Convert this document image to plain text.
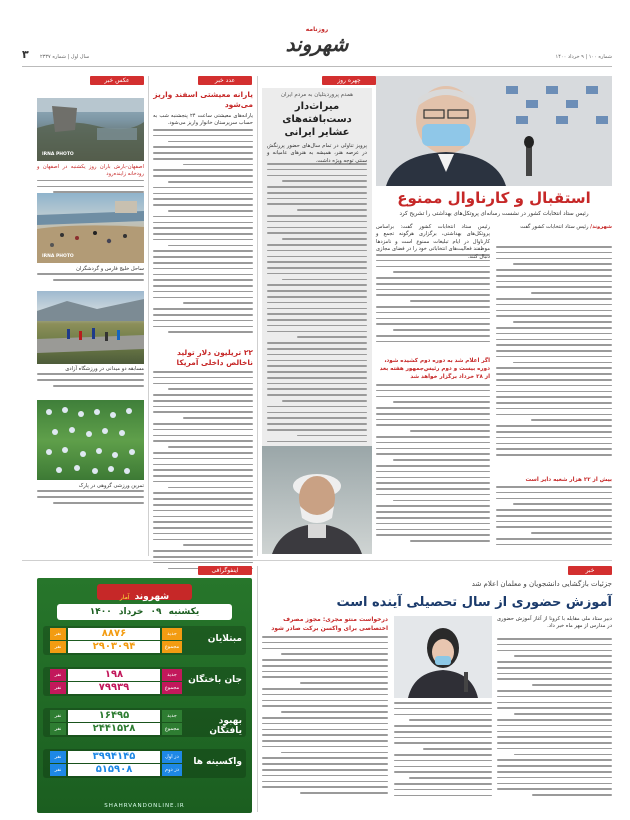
شماره ۱۰۰ | ۹ خرداد ۱۴۰۰
روزنامه
شهروند
سال اول | شماره ۲۳۳۷
۳
عکس خبر
IRNA PHOTO
اصفهان-بارش باران روز یکشنبه در اصفهان و رودخانه زاینده‌رود
IRNA PHOTO
ساحل خلیج فارس و گردشگران
مسابقه دو میدانی در ورزشگاه آزادی
تمرین ورزشی گروهی در پارک
عدد خبر
یارانه معیشتی اسفند واریز می‌شود
یارانه‌های معیشتی ساعت ۲۴ پنجشنبه شب به حساب سرپرستان خانوار واریز می‌شود.
۲۲ تریلیون دلار تولید ناخالص داخلی آمریکا
چهره روز
همدم پروردیتلیان به مردم ایران
میراث‌دار دست‌بافته‌های عشایر ایرانی
پرویز تناولی در تمام سال‌های حضور پررنگش در عرصه هنر، همیشه به هنرهای عامیانه و سنتی توجه ویژه داشت.
استقبال و کارناوال ممنوع
رئیس ستاد انتخابات کشور در نشست رسانه‌ای پروتکل‌های بهداشتی را تشریح کرد
شهروند/ رئیس ستاد انتخابات کشور گفت
بیش از ۲۲ هزار شعبه دایر است
رئیس ستاد انتخابات کشور گفت: براساس پروتکل‌های بهداشتی، برگزاری هرگونه تجمع و کارناوال در ایام تبلیغات ممنوع است و نامزدها موظفند فعالیت‌های انتخاباتی خود را در فضای مجازی دنبال کنند.
اگر اعلام شد به دوره دوم کشیده شود، دوره بیست و دوم رئیس‌جمهور هفته بعد از ۲۸ خرداد برگزار خواهد شد
اینفوگرافی
شهروند آمار
یکشنبه ۰۹ خرداد ۱۴۰۰
مبتلایان
جدید
۸۸۷۶
نفر
مجموع
۲۹۰۳۰۹۴
نفر
جان باختگان
جدید
۱۹۸
نفر
مجموع
۷۹۹۳۹
نفر
بهبود یافتگان
جدید
۱۶۴۹۵
نفر
مجموع
۲۴۴۱۵۲۸
نفر
واکسینه ها
دز اول
۳۹۹۴۱۴۵
نفر
دز دوم
۵۱۵۹۰۸
نفر
SHAHRVANDONLINE.IR
خبر
جزئیات بازگشایی دانشجویان و معلمان اعلام شد
آموزش حضوری از سال تحصیلی آینده است
دبیر ستاد ملی مقابله با کرونا از آغاز آموزش حضوری در مدارس از مهر ماه خبر داد.
درخواست منتو مجری: مجوز مصرف اختصاصی برای واکسن برکت صادر شود
